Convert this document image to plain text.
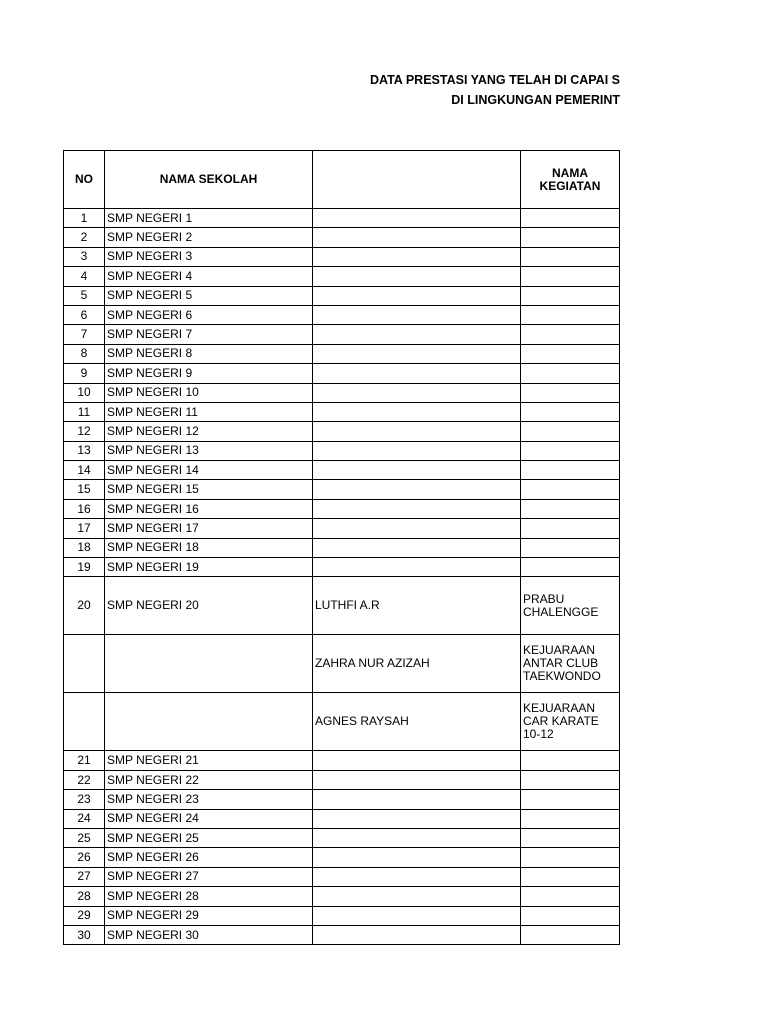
DATA PRESTASI YANG TELAH DI CAPAI S
DI LINGKUNGAN PEMERINT
NO	NAMA SEKOLAH		NAMA KEGIATAN
1	SMP NEGERI 1		
2	SMP NEGERI 2		
3	SMP NEGERI 3		
4	SMP NEGERI 4		
5	SMP NEGERI 5		
6	SMP NEGERI 6		
7	SMP NEGERI 7		
8	SMP NEGERI 8		
9	SMP NEGERI 9		
10	SMP NEGERI 10		
11	SMP NEGERI 11		
12	SMP NEGERI 12		
13	SMP NEGERI 13		
14	SMP NEGERI 14		
15	SMP NEGERI 15		
16	SMP NEGERI 16		
17	SMP NEGERI 17		
18	SMP NEGERI 18		
19	SMP NEGERI 19		
20	SMP NEGERI 20	LUTHFI A.R	PRABU CHALENGGE
		ZAHRA NUR AZIZAH	KEJUARAAN ANTAR CLUB TAEKWONDO
		AGNES RAYSAH	KEJUARAAN CAR KARATE 10-12
21	SMP NEGERI 21		
22	SMP NEGERI 22		
23	SMP NEGERI 23		
24	SMP NEGERI 24		
25	SMP NEGERI 25		
26	SMP NEGERI 26		
27	SMP NEGERI 27		
28	SMP NEGERI 28		
29	SMP NEGERI 29		
30	SMP NEGERI 30		
